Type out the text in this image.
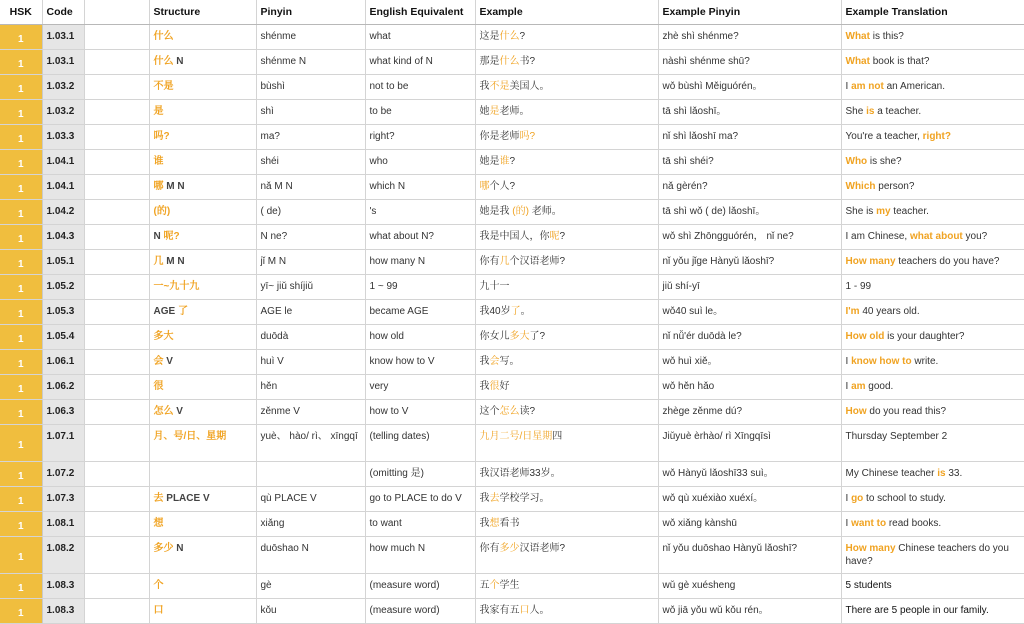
HSK	Code		Structure	Pinyin	English Equivalent	Example	Example Pinyin	Example Translation
1	1.03.1		什么	shénme	what	这是什么?	zhè shì shénme?	What is this?
1	1.03.1		什么 N	shénme N	what kind of N	那是什么书?	nàshì shénme shū?	What book is that?
1	1.03.2		不是	bùshì	not to be	我不是美国人。	wǒ bùshì Měiguórén。	I am not an American.
1	1.03.2		是	shì	to be	她是老师。	tā shì lǎoshī。	She is a teacher.
1	1.03.3		吗?	ma?	right?	你是老师吗?	nǐ shì lǎoshī ma?	You're a teacher, right?
1	1.04.1		谁	shéi	who	她是谁?	tā shì shéi?	Who is she?
1	1.04.1		哪 M N	nǎ M N	which N	哪个人?	nǎ gèrén?	Which person?
1	1.04.2		(的)	( de)	's	她是我 (的) 老师。	tā shì wǒ ( de) lǎoshī。	She is my teacher.
1	1.04.3		N 呢?	N ne?	what about N?	我是中国人，你呢?	wǒ shì Zhōngguórén， nǐ ne?	I am Chinese, what about you?
1	1.05.1		几 M N	jǐ M N	how many N	你有几个汉语老师?	nǐ yǒu jǐge Hànyǔ lǎoshī?	How many teachers do you have?
1	1.05.2		一~九十九	yī~ jiǔ shíjiǔ	1 ~ 99	九十一	jiǔ shí-yī	1 - 99
1	1.05.3		AGE 了	AGE le	became AGE	我40岁了。	wǒ40 suì le。	I'm 40 years old.
1	1.05.4		多大	duōdà	how old	你女儿多大了?	nǐ nǚ'ér duōdà le?	How old is your daughter?
1	1.06.1		会 V	huì V	know how to V	我会写。	wǒ huì xiě。	I know how to write.
1	1.06.2		很	hěn	very	我很好	wǒ hěn hǎo	I am good.
1	1.06.3		怎么 V	zěnme V	how to V	这个怎么读?	zhège zěnme dú?	How do you read this?
1	1.07.1		月、号/日、星期	yuè、 hào/ rì、 xīngqī	(telling dates)	九月二号/日星期四	Jiǔyuè èrhào/ rì Xīngqīsì	Thursday September 2
1	1.07.2				(omitting 是)	我汉语老师33岁。	wǒ Hànyǔ lǎoshī33 suì。	My Chinese teacher is 33.
1	1.07.3		去 PLACE V	qù PLACE V	go to PLACE to do V	我去学校学习。	wǒ qù xuéxiào xuéxí。	I go to school to study.
1	1.08.1		想	xiǎng	to want	我想看书	wǒ xiǎng kànshū	I want to read books.
1	1.08.2		多少 N	duōshao N	how much N	你有多少汉语老师?	nǐ yǒu duōshao Hànyǔ lǎoshī?	How many Chinese teachers do you have?
1	1.08.3		个	gè	(measure word)	五个学生	wǔ gè xuésheng	5 students
1	1.08.3		口	kǒu	(measure word)	我家有五口人。	wǒ jiā yǒu wǔ kǒu rén。	There are 5 people in our family.
